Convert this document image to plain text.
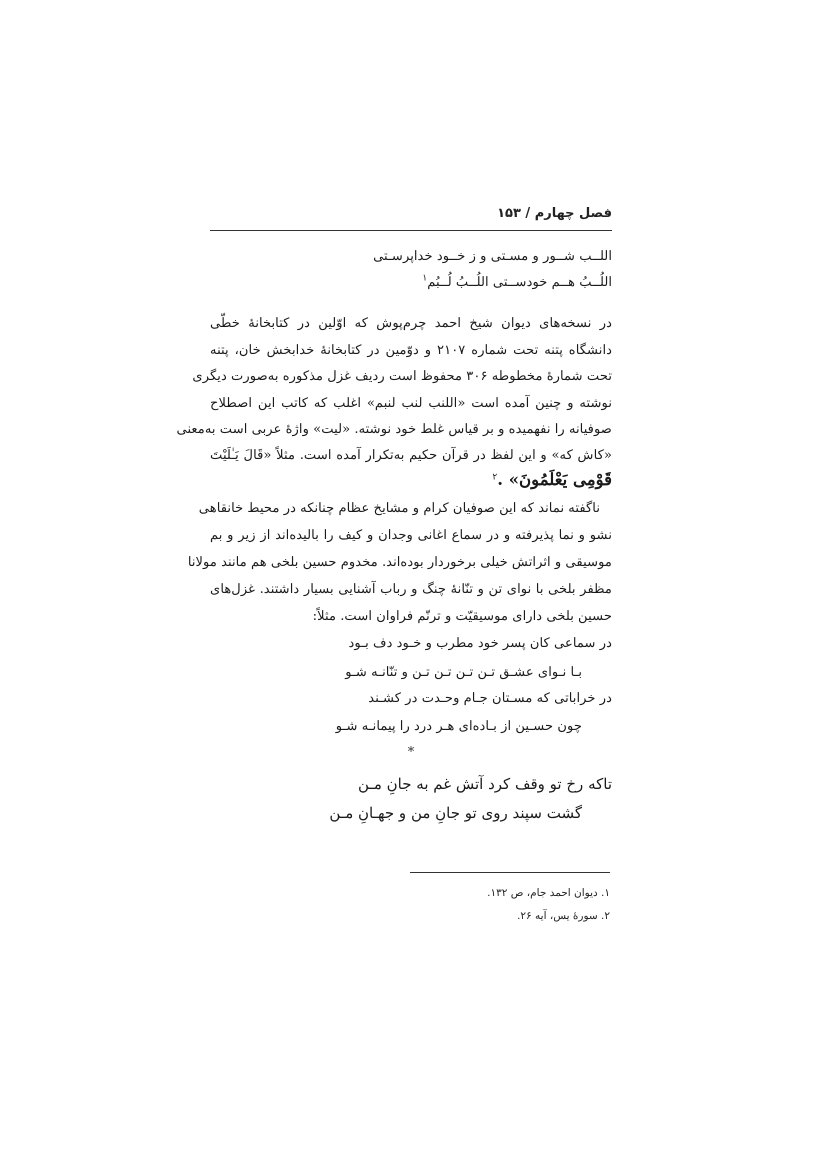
فصل چهارم / ۱۵۳
اللــب شــور و مسـتی و ز خــود خداپرسـتی
اللُــبُ هــم خودســتی اللُــبُ لُــبُم$^۱$
در نسخه‌های دیوان شیخ احمد چرم‌پوش که اوّلین در کتابخانهٔ خطّی
دانشگاه پتنه تحت شماره ۲۱۰۷ و دوّمین در کتابخانهٔ خدابخش خان، پتنه
تحت شمارهٔ مخطوطه ۳۰۶ محفوظ است ردیف غزل مذکوره به‌صورت دیگری
نوشته و چنین آمده است «اللنب لنب لنبم» اغلب که کاتب این اصطلاح
صوفیانه را نفهمیده و بر قیاس غلط خود نوشته. «لیت» واژهٔ عربی است به‌معنی
«کاش که» و این لفظ در قرآن حکیم به‌تکرار آمده است. مثلاً «قَالَ يَـٰلَيْتَ
قَوْمِى يَعْلَمُونَ» .$^۲$
ناگفته نماند که این صوفیان کرام و مشایخ عظام چنانکه در محیط خانقاهی
نشو و نما پذیرفته و در سماع اغانی وجدان و کیف را بالیده‌اند از زیر و بم
موسیقی و اثراتش خیلی برخوردار بوده‌اند. مخدوم حسین بلخی هم مانند مولانا
مظفر بلخی با نوای تن و تنّانهٔ چنگ و رباب آشنایی بسیار داشتند. غزل‌های
حسین بلخی دارای موسیقیّت و ترنّم فراوان است. مثلاً:
در سماعی کان پسر خود مطرب و خـود دف بـود
بـا نـوای عشـق تـن تـن تـن تـن و تنّانـه شـو
در خراباتی که مسـتان جـام وحـدت در کشـند
چون حسـین از بـاده‌ای هـر درد را پیمانـه شـو
*
تاکه رخ تو وقف کرد آتش غم به جانِ مـن
گشت سپند روی تو جانِ من و جهـانِ مـن
۱. دیوان احمد جام، ص ۱۳۲.
۲. سورهٔ یس، آیه ۲۶.
